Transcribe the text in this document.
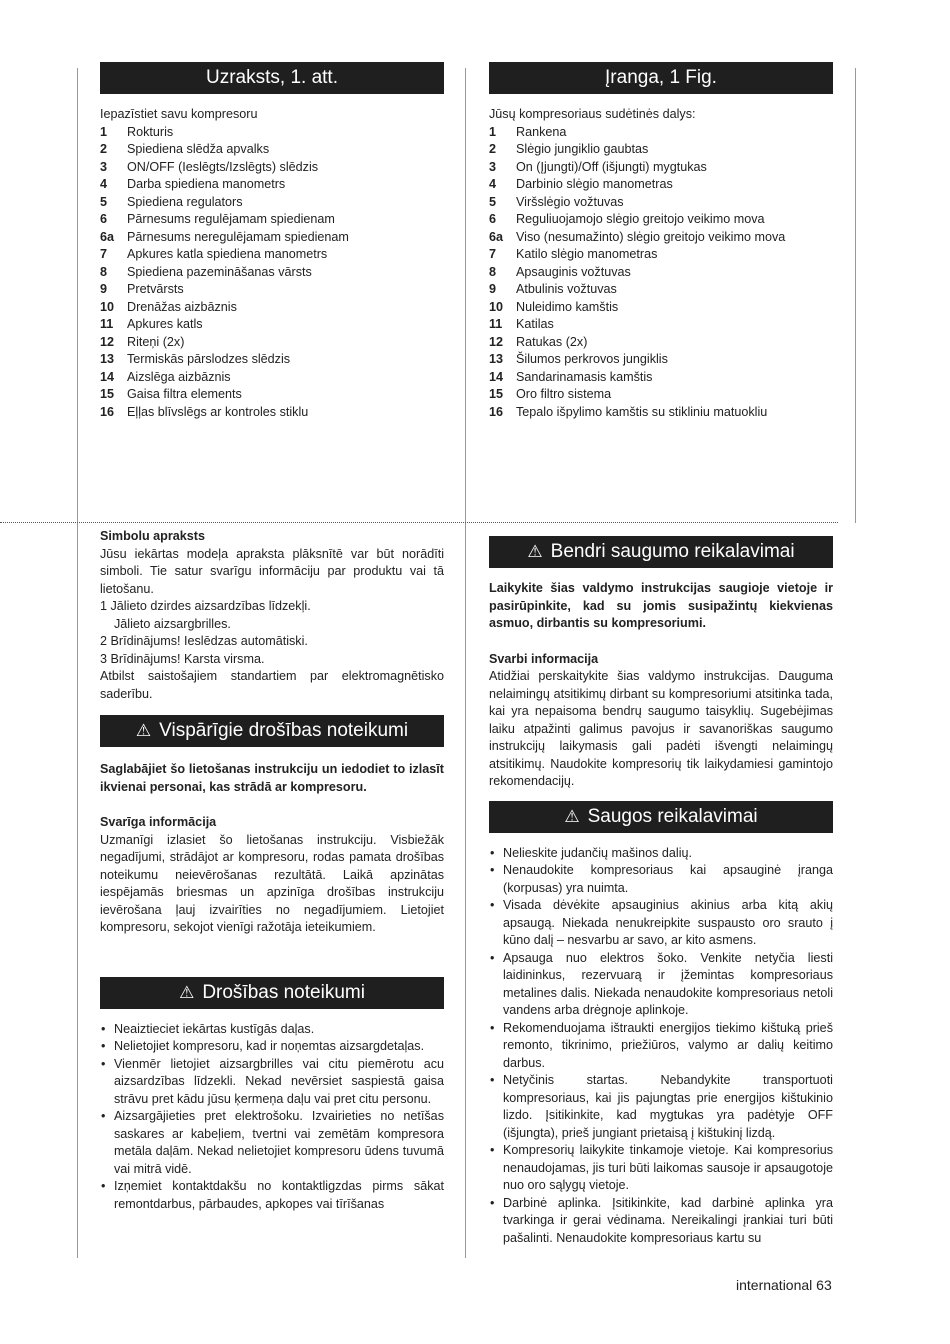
Uzraksts, 1. att.
Iepazīstiet savu kompresoru
1	Rokturis
2	Spiediena slēdža apvalks
3	ON/OFF (Ieslēgts/Izslēgts) slēdzis
4	Darba spiediena manometrs
5	Spiediena regulators
6	Pārnesums regulējamam spiedienam
6a	Pārnesums neregulējamam spiedienam
7	Apkures katla spiediena manometrs
8	Spiediena pazemināšanas vārsts
9	Pretvārsts
10	Drenāžas aizbāznis
11	Apkures katls
12	Riteņi (2x)
13	Termiskās pārslodzes slēdzis
14	Aizslēga aizbāznis
15	Gaisa filtra elements
16	Eļļas blīvslēgs ar kontroles stiklu
Įranga, 1 Fig.
Jūsų kompresoriaus sudėtinės dalys:
1	Rankena
2	Slėgio jungiklio gaubtas
3	On (Įjungti)/Off (išjungti) mygtukas
4	Darbinio slėgio manometras
5	Viršslėgio vožtuvas
6	Reguliuojamojo slėgio greitojo veikimo mova
6a	Viso (nesumažinto) slėgio greitojo veikimo mova
7	Katilo slėgio manometras
8	Apsauginis vožtuvas
9	Atbulinis vožtuvas
10	Nuleidimo kamštis
11	Katilas
12	Ratukas (2x)
13	Šilumos perkrovos jungiklis
14	Sandarinamasis kamštis
15	Oro filtro sistema
16	Tepalo išpylimo kamštis su stikliniu matuokliu
Simbolu apraksts

Jūsu iekārtas modeļa apraksta plāksnītē var būt norādīti simboli. Tie satur svarīgu informāciju par produktu vai tā lietošanu.

1 Jālieto dzirdes aizsardzības līdzekļi.
Jālieto aizsargbrilles.
2 Brīdinājums! Ieslēdzas automātiski.
3 Brīdinājums! Karsta virsma.

Atbilst saistošajiem standartiem par elektromagnētisko saderību.

⚠ Vispārīgie drošības noteikumi

Saglabājiet šo lietošanas instrukciju un iedodiet to izlasīt ikvienai personai, kas strādā ar kompresoru.

Svarīga informācija

Uzmanīgi izlasiet šo lietošanas instrukciju. Visbiežāk negadījumi, strādājot ar kompresoru, rodas pamata drošības noteikumu neievērošanas rezultātā. Laikā apzinātas iespējamās briesmas un apzinīga drošības instrukciju ievērošana ļauj izvairīties no negadījumiem. Lietojiet kompresoru, sekojot vienīgi ražotāja ieteikumiem.

⚠ Drošības noteikumi
• Neaiztieciet iekārtas kustīgās daļas.
• Nelietojiet kompresoru, kad ir noņemtas aizsargdetaļas.
• Vienmēr lietojiet aizsargbrilles vai citu piemērotu acu aizsardzības līdzekli. Nekad nevērsiet saspiestā gaisa strāvu pret kādu jūsu ķermeņa daļu vai pret citu personu.
• Aizsargājieties pret elektrošoku. Izvairieties no netīšas saskares ar kabeļiem, tvertni vai zemētām kompresora metāla daļām. Nekad nelietojiet kompresoru ūdens tuvumā vai mitrā vidē.
• Izņemiet kontaktdakšu no kontaktligzdas pirms sākat remontdarbus, pārbaudes, apkopes vai tīrīšanas
⚠ Bendri saugumo reikalavimai

Laikykite šias valdymo instrukcijas saugioje vietoje ir pasirūpinkite, kad su jomis susipažintų kiekvienas asmuo, dirbantis su kompresoriumi.

Svarbi informacija

Atidžiai perskaitykite šias valdymo instrukcijas. Dauguma nelaimingų atsitikimų dirbant su kompresoriumi atsitinka tada, kai yra nepaisoma bendrų saugumo taisyklių. Sugebėjimas laiku atpažinti galimus pavojus ir savanoriškas saugumo instrukcijų laikymasis gali padėti išvengti nelaimingų atsitikimų. Naudokite kompresorių tik laikydamiesi gamintojo rekomendacijų.

⚠ Saugos reikalavimai
• Nelieskite judančių mašinos dalių.
• Nenaudokite kompresoriaus kai apsauginė įranga (korpusas) yra nuimta.
• Visada dėvėkite apsauginius akinius arba kitą akių apsaugą. Niekada nenukreipkite suspausto oro srauto į kūno dalį – nesvarbu ar savo, ar kito asmens.
• Apsauga nuo elektros šoko. Venkite netyčia liesti laidininkus, rezervuarą ir įžemintas kompresoriaus metalines dalis. Niekada nenaudokite kompresoriaus netoli vandens arba drėgnoje aplinkoje.
• Rekomenduojama ištraukti energijos tiekimo kištuką prieš remonto, tikrinimo, priežiūros, valymo ar dalių keitimo darbus.
• Netyčinis startas. Nebandykite transportuoti kompresoriaus, kai jis pajungtas prie energijos kištukinio lizdo. Įsitikinkite, kad mygtukas yra padėtyje OFF (išjungta), prieš jungiant prietaisą į kištukinį lizdą.
• Kompresorių laikykite tinkamoje vietoje. Kai kompresorius nenaudojamas, jis turi būti laikomas sausoje ir apsaugotoje nuo oro sąlygų vietoje.
• Darbinė aplinka. Įsitikinkite, kad darbinė aplinka yra tvarkinga ir gerai vėdinama. Nereikalingi įrankiai turi būti pašalinti. Nenaudokite kompresoriaus kartu su
international 63
